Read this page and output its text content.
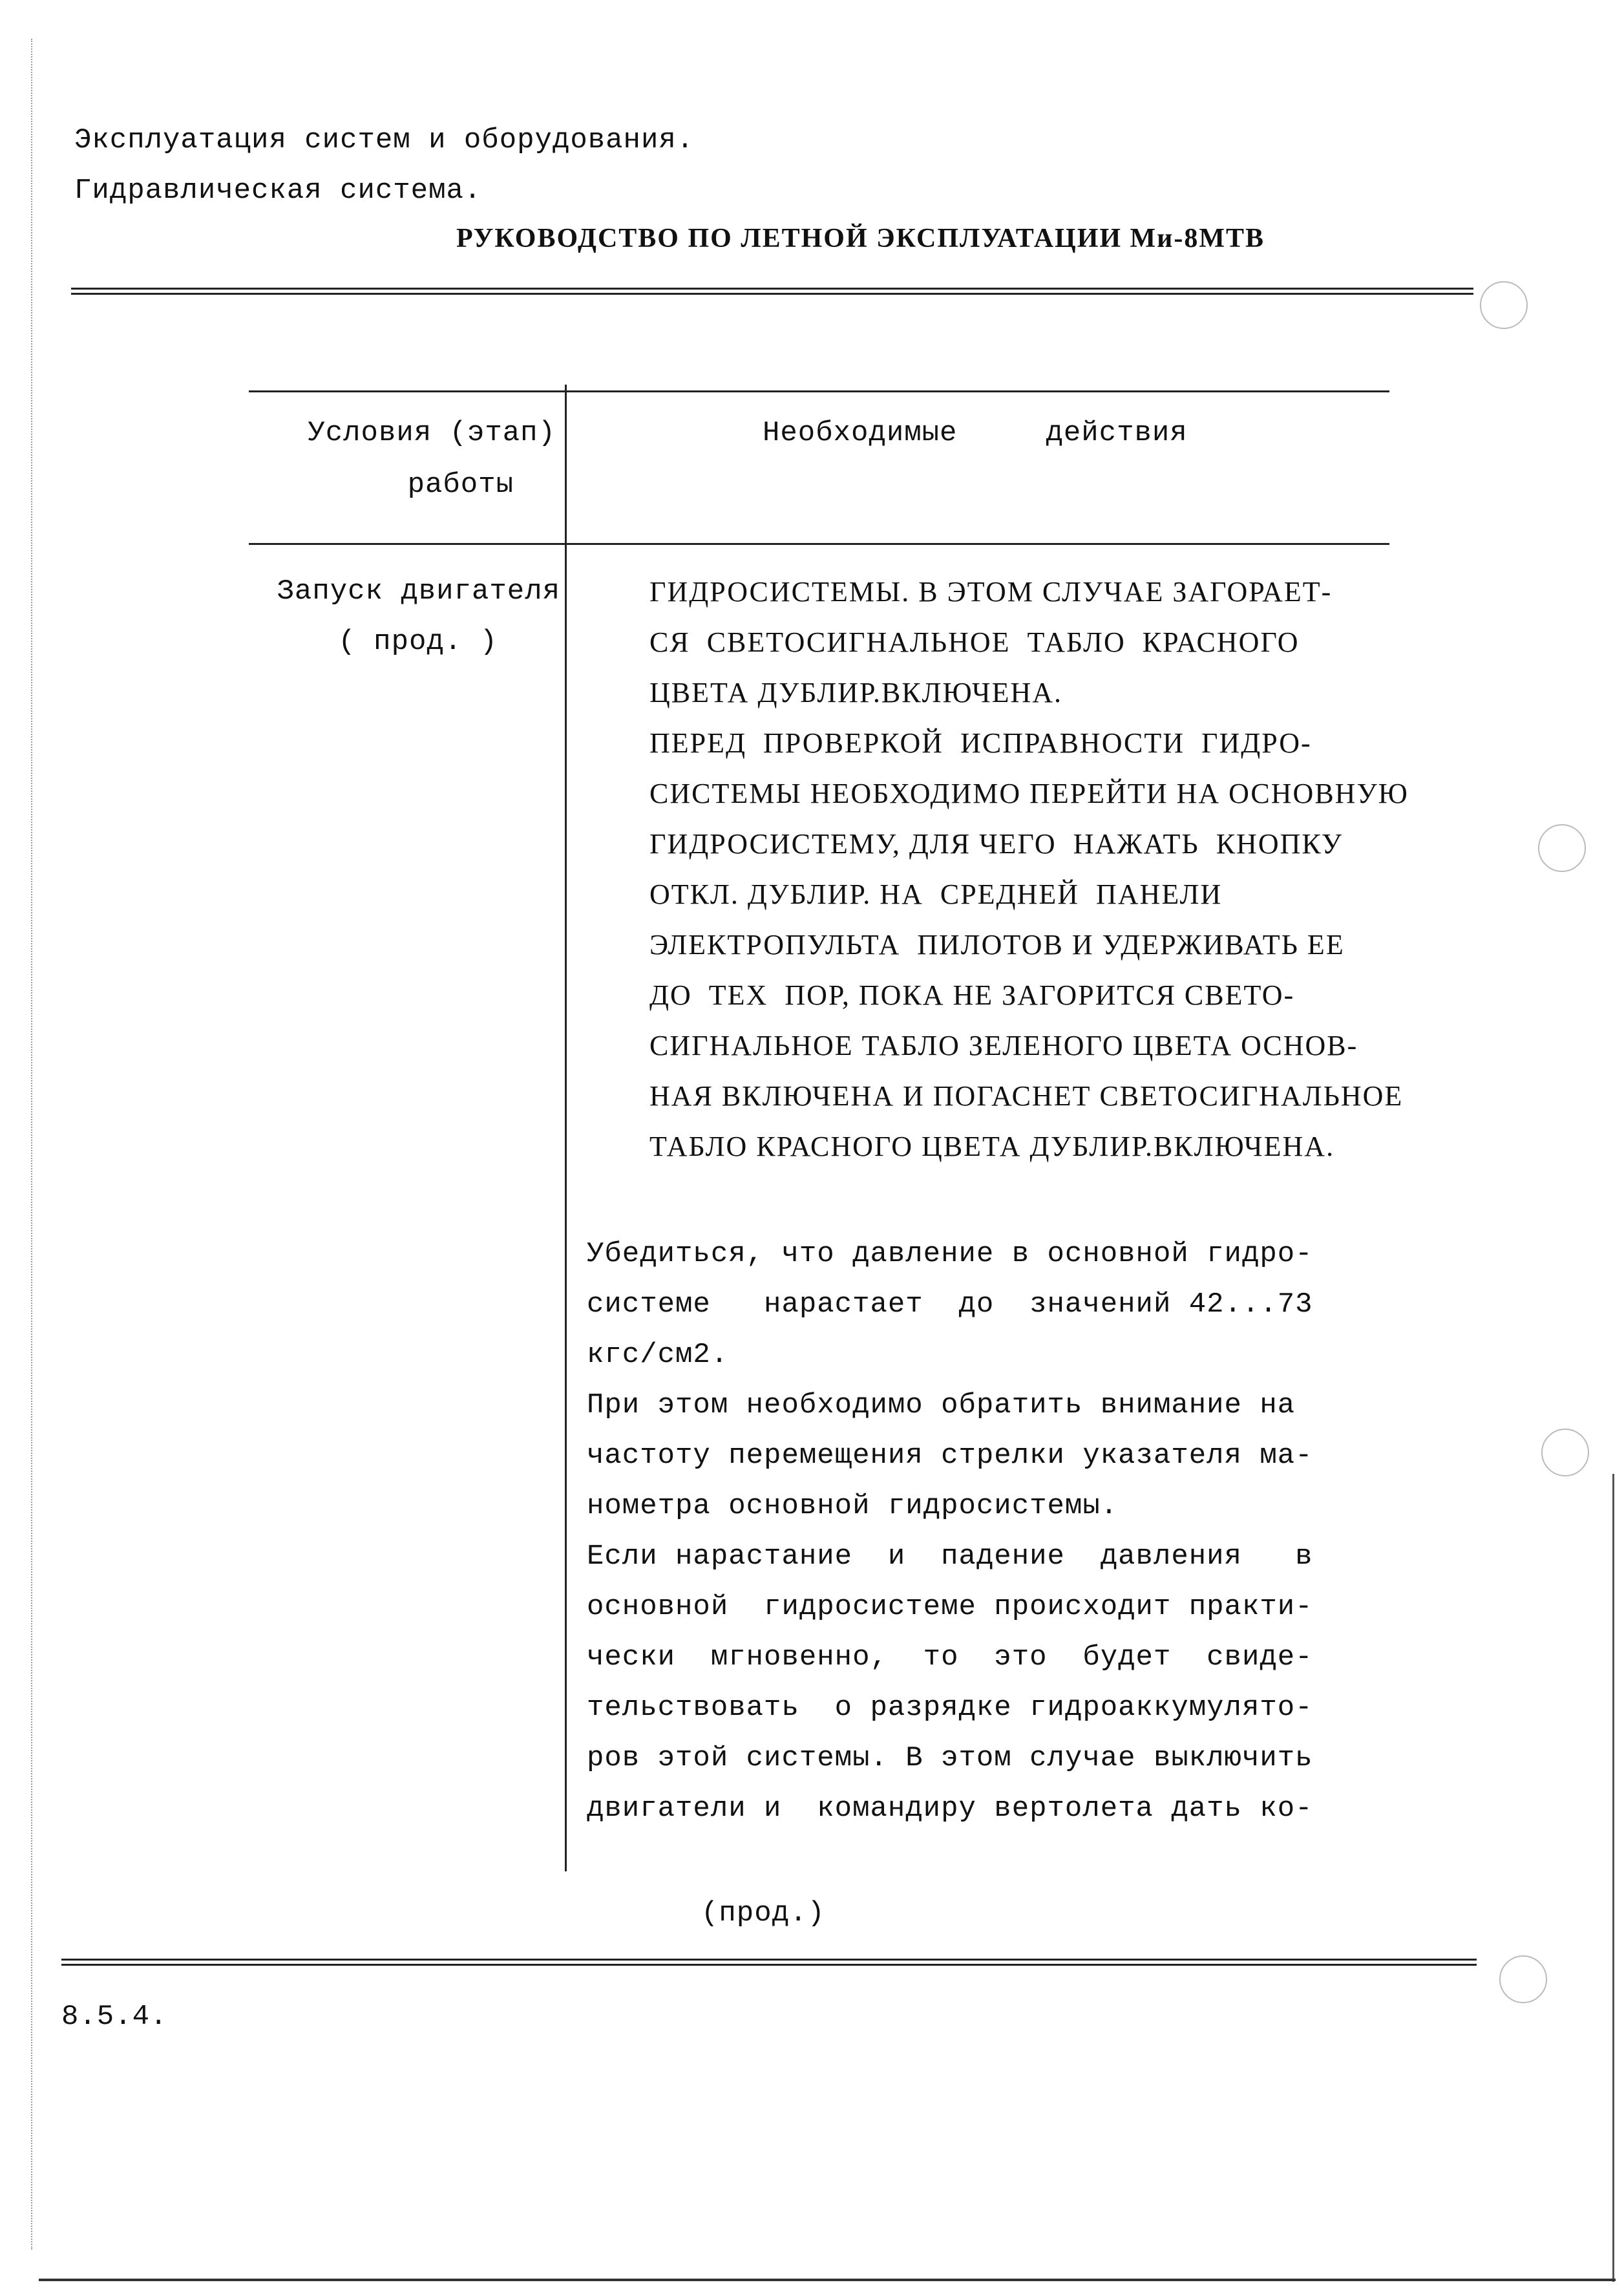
Эксплуатация систем и оборудования.
Гидравлическая система.
РУКОВОДСТВО ПО ЛЕТНОЙ ЭКСПЛУАТАЦИИ Ми-8МТВ
Условия (этап)
работы
Необходимые     действия
Запуск двигателя
( прод. )
ГИДРОСИСТЕМЫ. В ЭТОМ СЛУЧАЕ ЗАГОРАЕТ-
СЯ  СВЕТОСИГНАЛЬНОЕ  ТАБЛО  КРАСНОГО
ЦВЕТА ДУБЛИР.ВКЛЮЧЕНА.
ПЕРЕД  ПРОВЕРКОЙ  ИСПРАВНОСТИ  ГИДРО-
СИСТЕМЫ НЕОБХОДИМО ПЕРЕЙТИ НА ОСНОВНУЮ
ГИДРОСИСТЕМУ, ДЛЯ ЧЕГО  НАЖАТЬ  КНОПКУ
ОТКЛ. ДУБЛИР. НА  СРЕДНЕЙ  ПАНЕЛИ
ЭЛЕКТРОПУЛЬТА  ПИЛОТОВ И УДЕРЖИВАТЬ ЕЕ
ДО  ТЕХ  ПОР, ПОКА НЕ ЗАГОРИТСЯ СВЕТО-
СИГНАЛЬНОЕ ТАБЛО ЗЕЛЕНОГО ЦВЕТА ОСНОВ-
НАЯ ВКЛЮЧЕНА И ПОГАСНЕТ СВЕТОСИГНАЛЬНОЕ
ТАБЛО КРАСНОГО ЦВЕТА ДУБЛИР.ВКЛЮЧЕНА.
Убедиться, что давление в основной гидро-
системе   нарастает  до  значений 42...73
кгс/см2.
При этом необходимо обратить внимание на
частоту перемещения стрелки указателя ма-
нометра основной гидросистемы.
Если нарастание  и  падение  давления   в
основной  гидросистеме происходит практи-
чески  мгновенно,  то  это  будет  свиде-
тельствовать  о разрядке гидроаккумулято-
ров этой системы. В этом случае выключить
двигатели и  командиру вертолета дать ко-
(прод.)
8.5.4.
